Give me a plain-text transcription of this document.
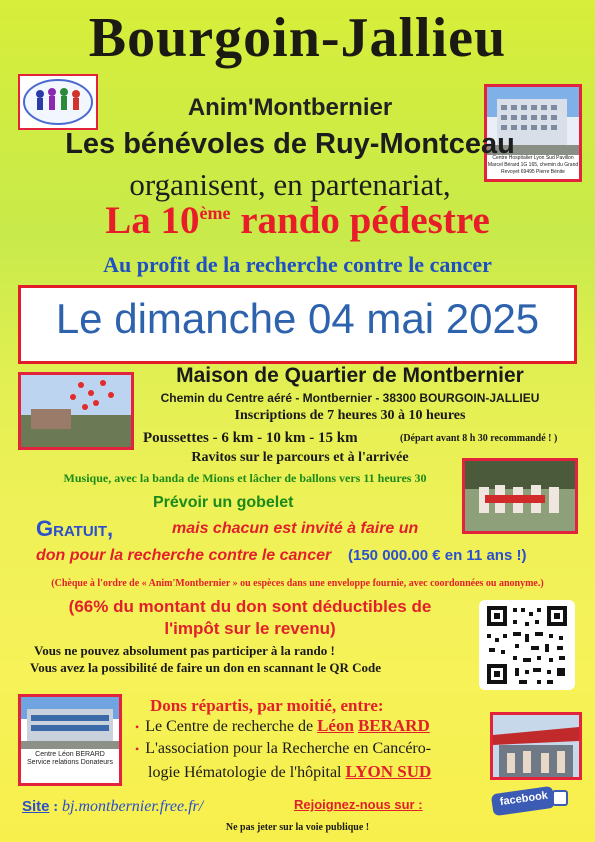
Centre Hospitalier Lyon Sud Pavillon Marcel Bérard 1G 165, chemin du Grand Revoyet 69495 Pierre Bénite
Bourgoin-Jallieu
Anim'Montbernier
Les bénévoles de Ruy-Montceau
organisent, en partenariat,
La 10ème rando pédestre
Au profit de la recherche contre le cancer
Le dimanche 04 mai 2025
Maison de Quartier de Montbernier
Chemin du Centre aéré - Montbernier - 38300 BOURGOIN-JALLIEU
Inscriptions de 7 heures 30 à 10 heures
Poussettes - 6 km - 10 km - 15 km	(Départ avant 8 h 30 recommandé ! )
Ravitos sur le parcours et à l'arrivée
Musique, avec la banda de Mions et lâcher de ballons vers 11 heures 30
Prévoir un gobelet
Gratuit,	mais chacun est invité à faire un
don pour la recherche contre le cancer (150 000.00 € en 11 ans !)
(Chèque à l'ordre de « Anim'Montbernier » ou espèces dans une enveloppe fournie, avec coordonnées ou anonyme.)
(66% du montant du don sont déductibles de
l'impôt sur le revenu)
Vous ne pouvez absolument pas participer à la rando !
Vous avez la possibilité de faire un don en scannant le QR Code
Centre Léon BERARD Service relations Donateurs
Dons répartis, par moitié, entre:
• Le Centre de recherche de Léon BERARD
• L'association pour la Recherche en Cancéro-
logie Hématologie de l'hôpital LYON SUD
Site : bj.montbernier.free.fr/	Rejoignez-nous sur :	facebook
Ne pas jeter sur la voie publique !
